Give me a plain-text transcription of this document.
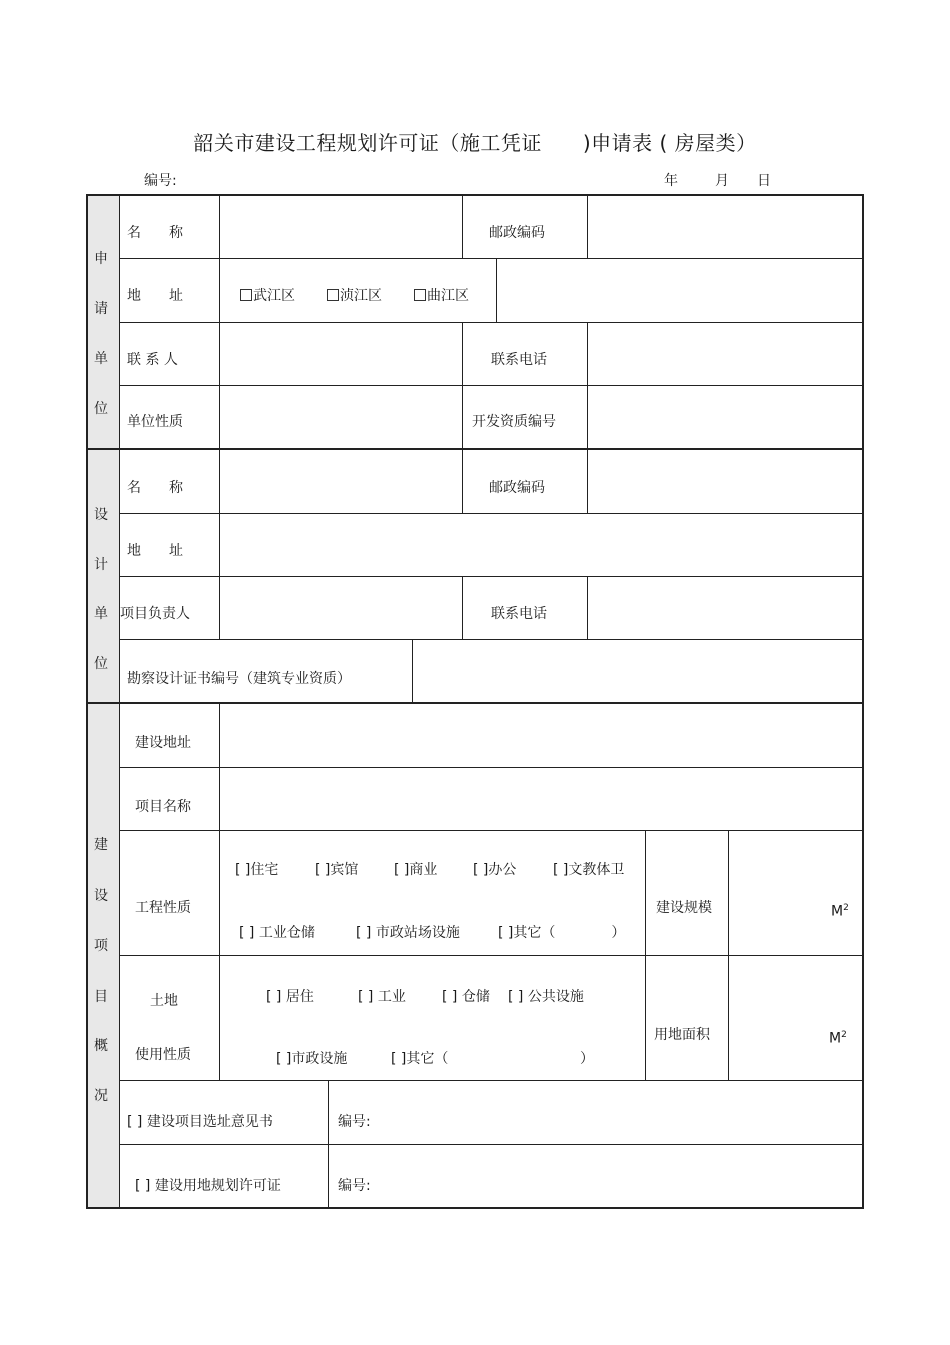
韶关市建设工程规划许可证（施工凭证　　)申请表 ( 房屋类）
编号:	年	月 日
申
请
单
位
名　　称	邮政编码
地　　址	武江区	浈江区	曲江区
联 系 人	联系电话
单位性质	开发资质编号
设
计
单
位
名　　称	邮政编码
地　　址
项目负责人	联系电话
勘察设计证书编号（建筑专业资质）
建
设
项
目
概
况
建设地址
项目名称
工程性质
[ ]住宅	[ ]宾馆	[ ]商业	[ ]办公	[ ]文教体卫
[ ] 工业仓储	[ ] 市政站场设施	[ ]其它（　　　　）
建设规模	$M^2$
土地
使用性质
[ ] 居住	[ ] 工业	[ ] 仓储 [ ] 公共设施
[ ]市政设施	[ ]其它（	）
用地面积	$M^2$
[ ] 建设项目选址意见书	编号:
[ ] 建设用地规划许可证	编号:
